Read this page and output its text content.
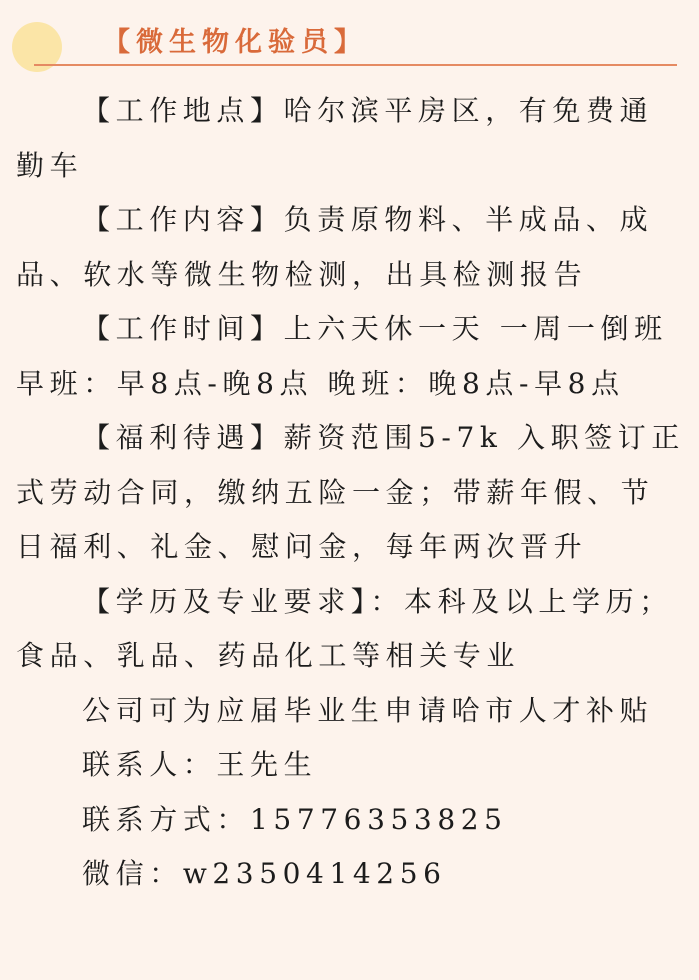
【微生物化验员】

【工作地点】哈尔滨平房区，有免费通勤车

【工作内容】负责原物料、半成品、成品、软水等微生物检测，出具检测报告

【工作时间】上六天休一天 一周一倒班 早班：早8点-晚8点 晚班：晚8点-早8点

【福利待遇】薪资范围5-7k 入职签订正式劳动合同，缴纳五险一金；带薪年假、节日福利、礼金、慰问金，每年两次晋升

【学历及专业要求】：本科及以上学历；食品、乳品、药品化工等相关专业

公司可为应届毕业生申请哈市人才补贴

联系人：王先生

联系方式：15776353825

微信：w2350414256
